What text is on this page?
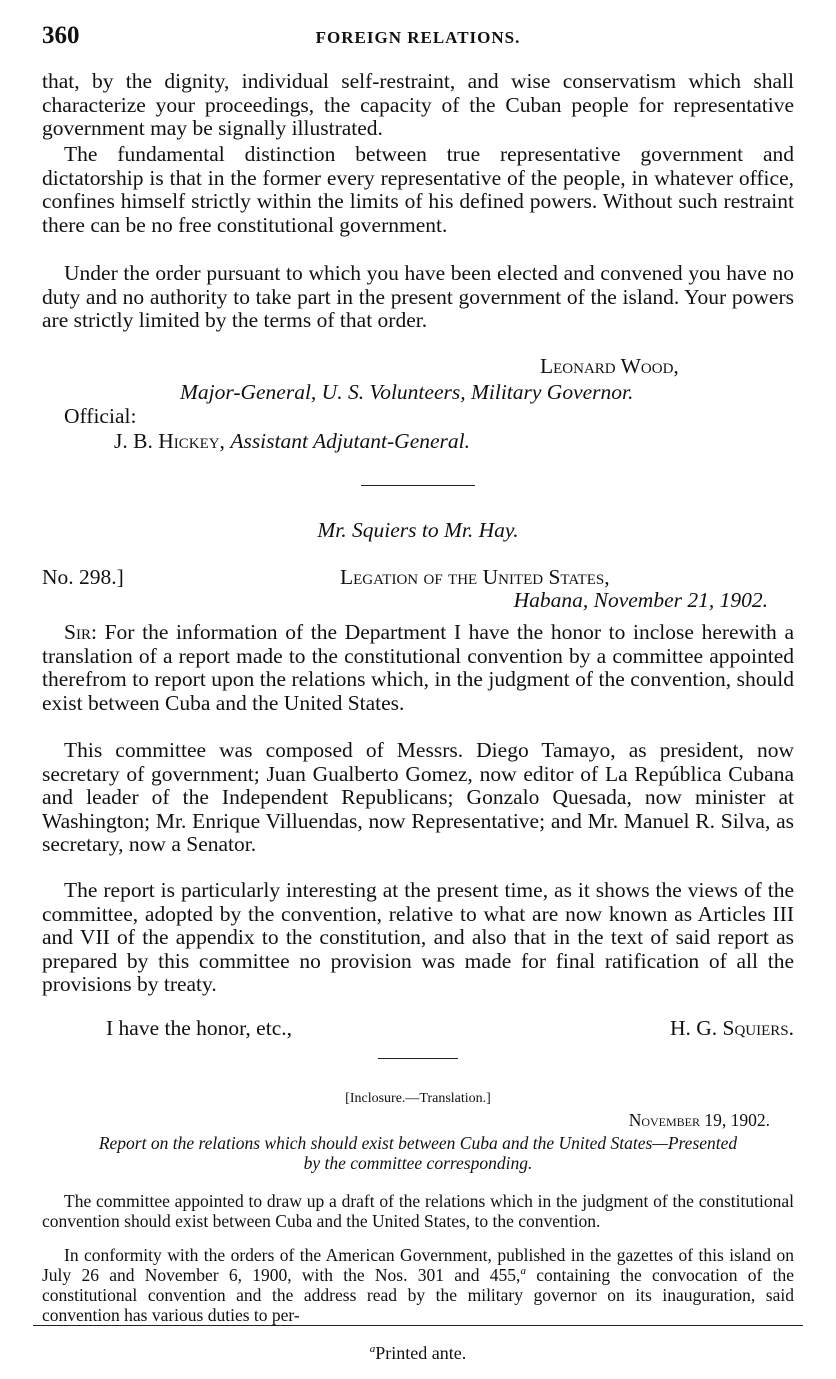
360	FOREIGN RELATIONS.

that, by the dignity, individual self-restraint, and wise conservatism which shall characterize your proceedings, the capacity of the Cuban people for representative government may be signally illustrated.

The fundamental distinction between true representative government and dictatorship is that in the former every representative of the people, in whatever office, confines himself strictly within the limits of his defined powers. Without such restraint there can be no free constitutional government.

Under the order pursuant to which you have been elected and convened you have no duty and no authority to take part in the present government of the island. Your powers are strictly limited by the terms of that order.

Leonard Wood,
Major-General, U. S. Volunteers, Military Governor.
Official:
J. B. Hickey, Assistant Adjutant-General.
Mr. Squiers to Mr. Hay.
No. 298.]	Legation of the United States,
Habana, November 21, 1902.

Sir: For the information of the Department I have the honor to inclose herewith a translation of a report made to the constitutional convention by a committee appointed therefrom to report upon the relations which, in the judgment of the convention, should exist between Cuba and the United States.

This committee was composed of Messrs. Diego Tamayo, as president, now secretary of government; Juan Gualberto Gomez, now editor of La República Cubana and leader of the Independent Republicans; Gonzalo Quesada, now minister at Washington; Mr. Enrique Villuendas, now Representative; and Mr. Manuel R. Silva, as secretary, now a Senator.

The report is particularly interesting at the present time, as it shows the views of the committee, adopted by the convention, relative to what are now known as Articles III and VII of the appendix to the constitution, and also that in the text of said report as prepared by this committee no provision was made for final ratification of all the provisions by treaty.

I have the honor, etc.,	H. G. Squiers.
[Inclosure.—Translation.]
November 19, 1902.
Report on the relations which should exist between Cuba and the United States—Presented
by the committee corresponding.

The committee appointed to draw up a draft of the relations which in the judgment of the constitutional convention should exist between Cuba and the United States, to the convention.

In conformity with the orders of the American Government, published in the gazettes of this island on July 26 and November 6, 1900, with the Nos. 301 and 455,$^a$ containing the convocation of the constitutional convention and the address read by the military governor on its inauguration, said convention has various duties to per-

$^a$Printed ante.
